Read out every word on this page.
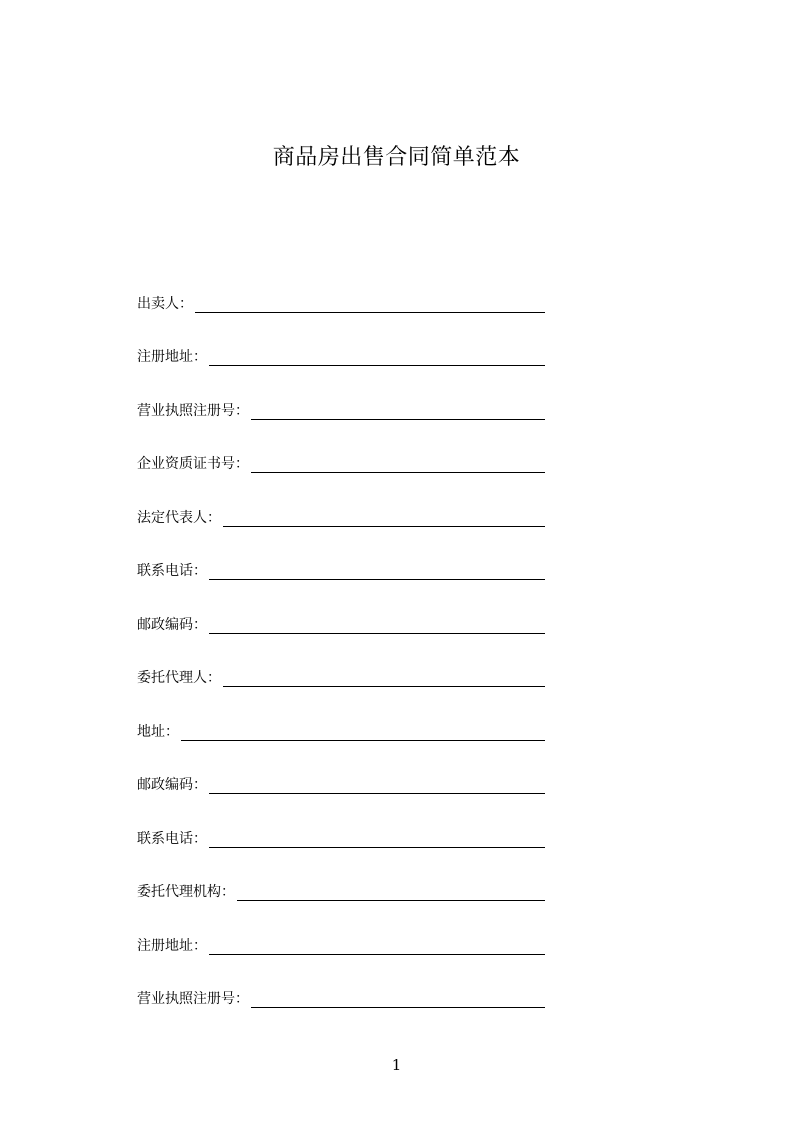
商品房出售合同简单范本
出卖人：
注册地址：
营业执照注册号：
企业资质证书号：
法定代表人：
联系电话：
邮政编码：
委托代理人：
地址：
邮政编码：
联系电话：
委托代理机构：
注册地址：
营业执照注册号：
1
